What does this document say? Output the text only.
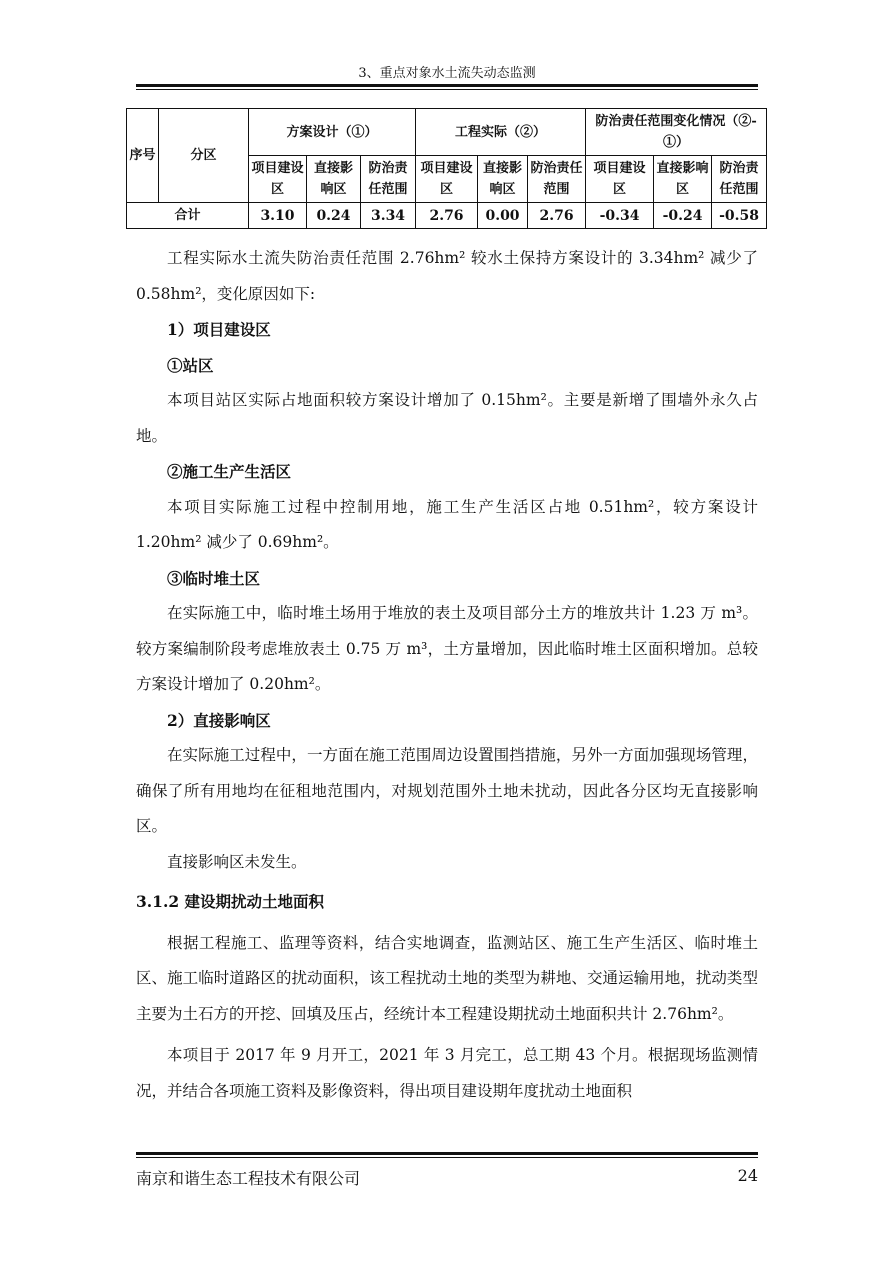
3、重点对象水土流失动态监测
序号	分区	方案设计（①）			工程实际（②）			防治责任范围变化情况（②-①）		
		项目建设区	直接影响区	防治责任范围	项目建设区	直接影响区	防治责任范围	项目建设区	直接影响区	防治责任范围
合计		3.10	0.24	3.34	2.76	0.00	2.76	-0.34	-0.24	-0.58

工程实际水土流失防治责任范围 2.76hm² 较水土保持方案设计的 3.34hm² 减少了 0.58hm²，变化原因如下:

1）项目建设区
①站区

本项目站区实际占地面积较方案设计增加了 0.15hm²。主要是新增了围墙外永久占地。

②施工生产生活区

本项目实际施工过程中控制用地，施工生产生活区占地 0.51hm²，较方案设计 1.20hm² 减少了 0.69hm²。

③临时堆土区

在实际施工中，临时堆土场用于堆放的表土及项目部分土方的堆放共计 1.23 万 m³。较方案编制阶段考虑堆放表土 0.75 万 m³，土方量增加，因此临时堆土区面积增加。总较方案设计增加了 0.20hm²。

2）直接影响区

在实际施工过程中，一方面在施工范围周边设置围挡措施，另外一方面加强现场管理，确保了所有用地均在征租地范围内，对规划范围外土地未扰动，因此各分区均无直接影响区。

直接影响区未发生。

3.1.2 建设期扰动土地面积

根据工程施工、监理等资料，结合实地调查，监测站区、施工生产生活区、临时堆土区、施工临时道路区的扰动面积，该工程扰动土地的类型为耕地、交通运输用地，扰动类型主要为土石方的开挖、回填及压占，经统计本工程建设期扰动土地面积共计 2.76hm²。

本项目于 2017 年 9 月开工，2021 年 3 月完工，总工期 43 个月。根据现场监测情况，并结合各项施工资料及影像资料，得出项目建设期年度扰动土地面积

南京和谐生态工程技术有限公司	24
